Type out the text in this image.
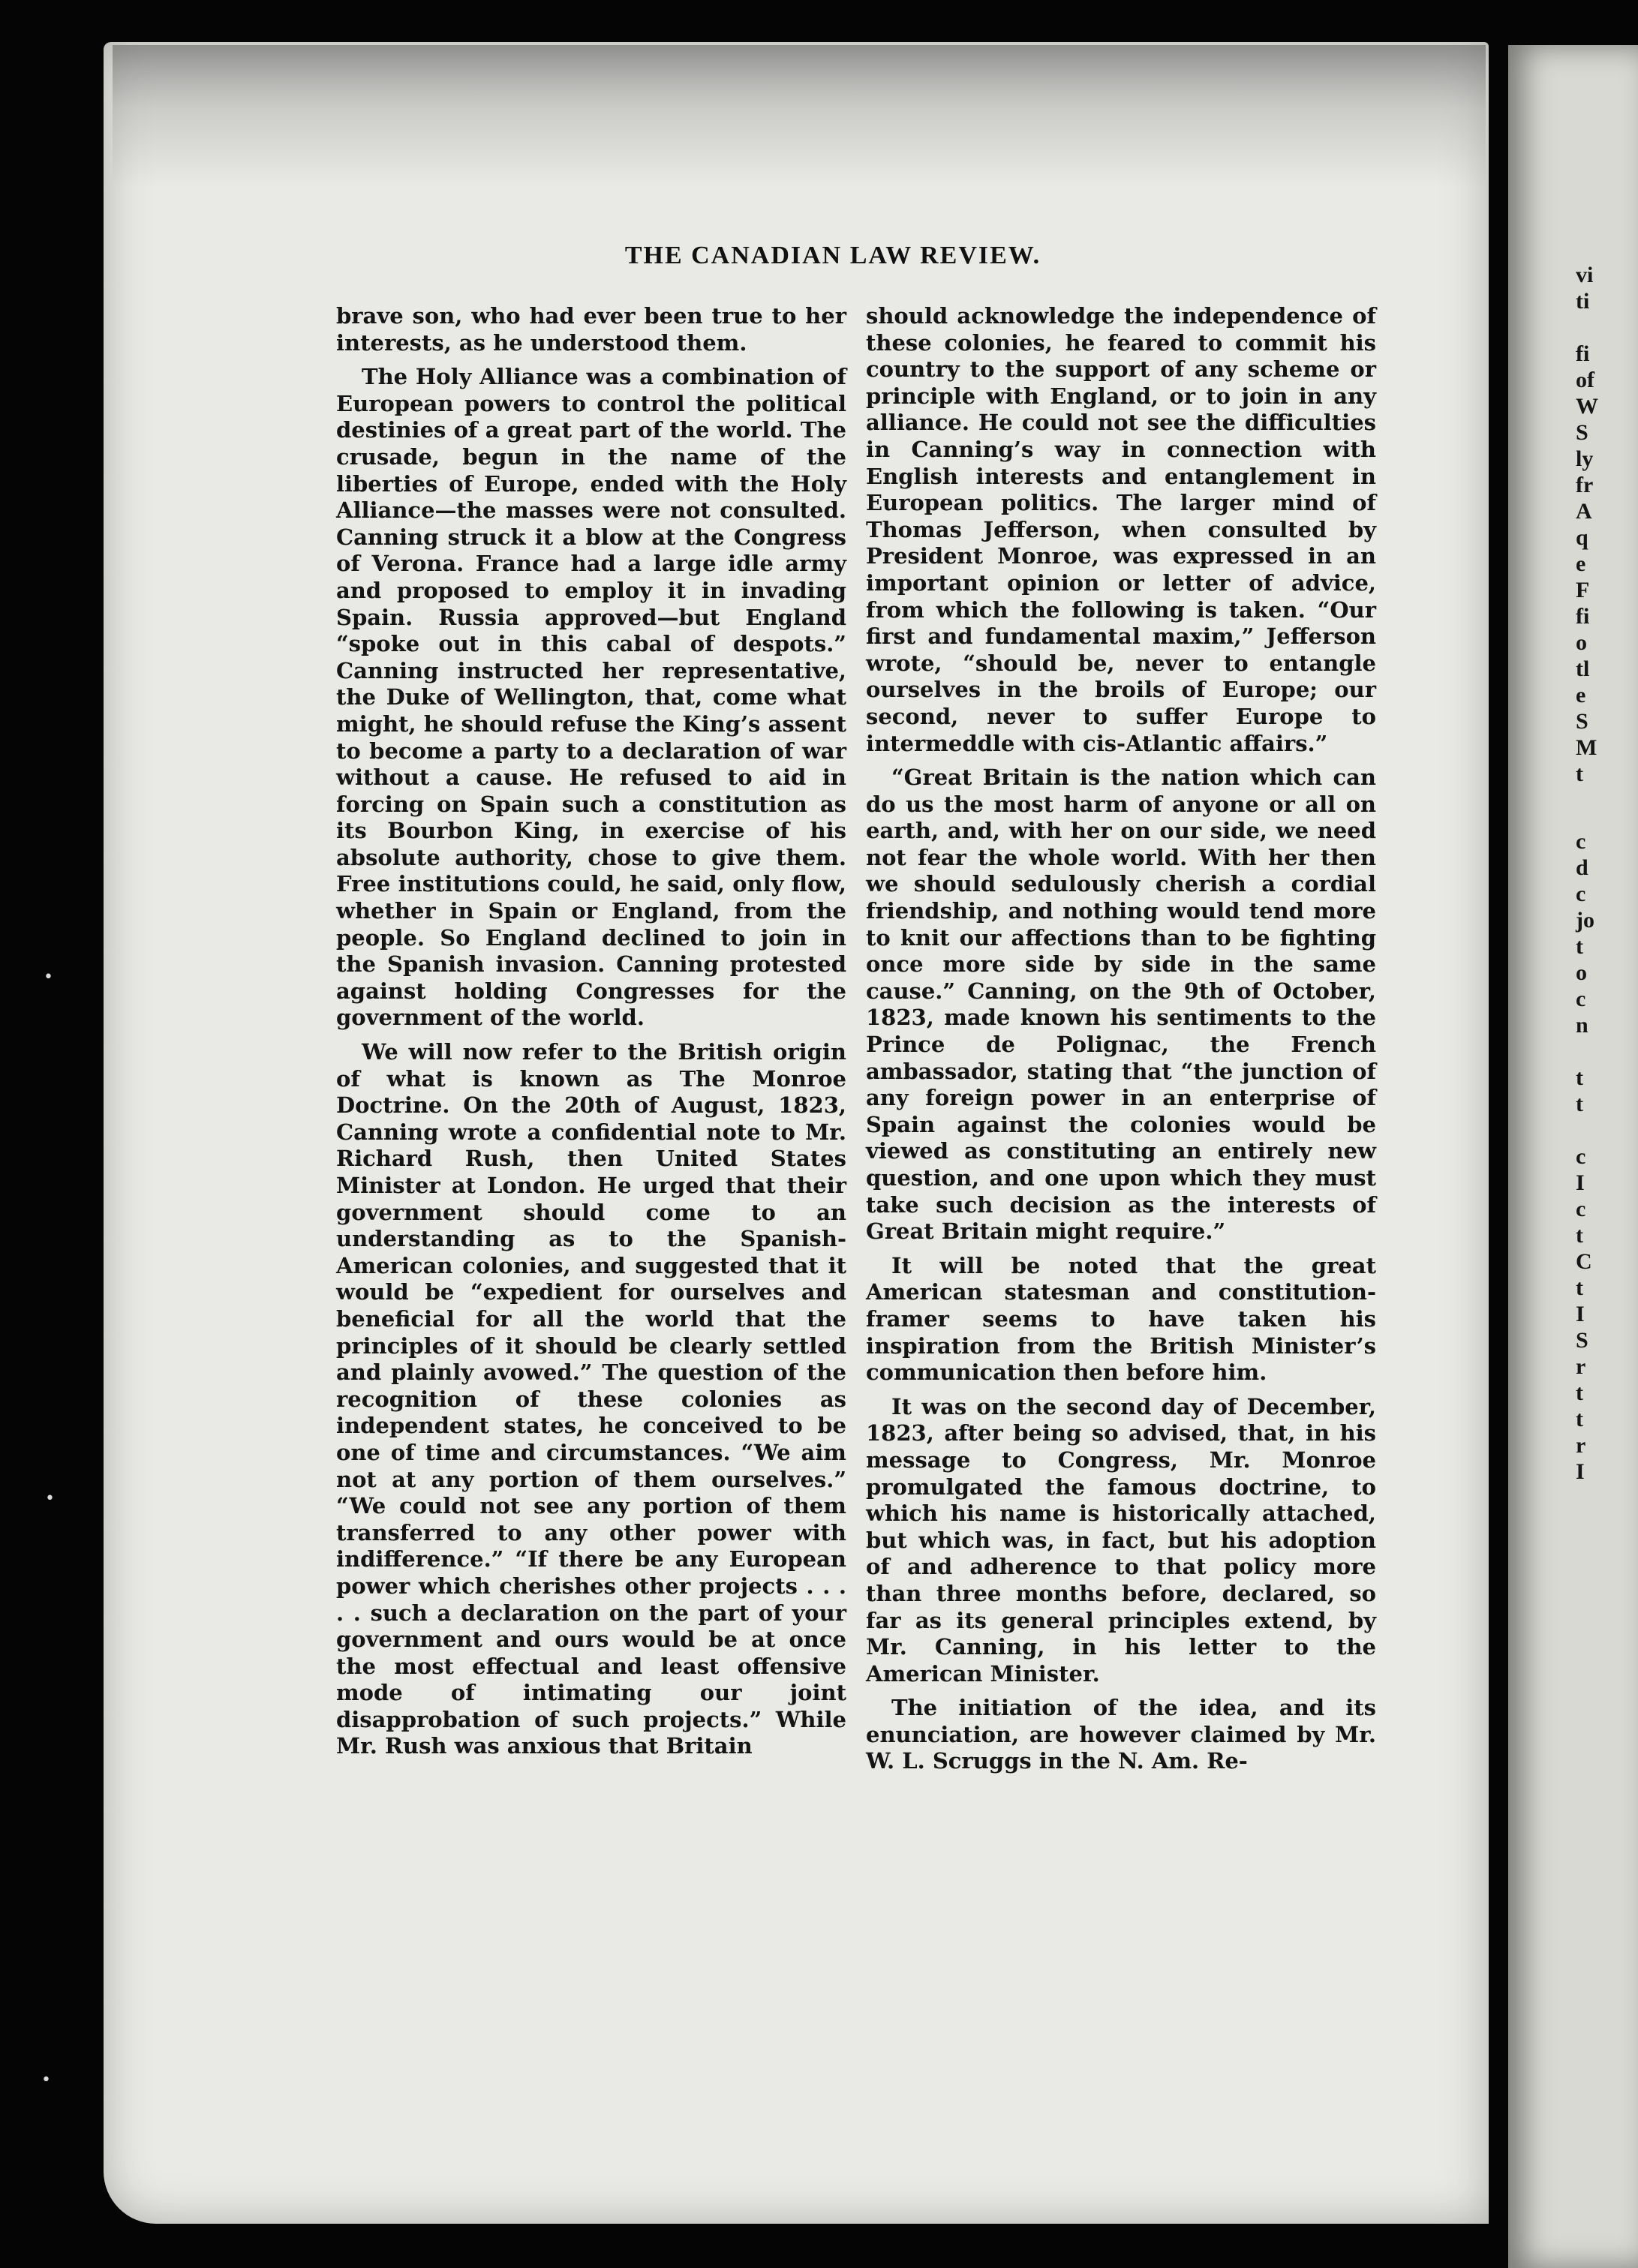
vi
ti
fi
of
W
S
ly
fr
A
q
e
F
fi
o
tl
e
S
M
t
c
d
c
jo
t
o
c
n
t
t
c
I
c
t
C
t
I
S
r
t
t
r
I
•
•
•
THE CANADIAN LAW REVIEW.

brave son, who had ever been true to her interests, as he understood them.

The Holy Alliance was a combination of European powers to control the political destinies of a great part of the world. The crusade, begun in the name of the liberties of Europe, ended with the Holy Alliance—the masses were not consulted. Canning struck it a blow at the Congress of Verona. France had a large idle army and proposed to employ it in invading Spain. Russia approved—but England “spoke out in this cabal of despots.” Canning instructed her representative, the Duke of Wellington, that, come what might, he should refuse the King’s assent to become a party to a declaration of war without a cause. He refused to aid in forcing on Spain such a constitution as its Bourbon King, in exercise of his absolute authority, chose to give them. Free institutions could, he said, only flow, whether in Spain or England, from the people. So England declined to join in the Spanish invasion. Canning protested against holding Congresses for the government of the world.

We will now refer to the British origin of what is known as The Monroe Doctrine. On the 20th of August, 1823, Canning wrote a confidential note to Mr. Richard Rush, then United States Minister at London. He urged that their government should come to an understanding as to the Spanish-American colonies, and suggested that it would be “expedient for ourselves and beneficial for all the world that the principles of it should be clearly settled and plainly avowed.” The question of the recognition of these colonies as independent states, he conceived to be one of time and circumstances. “We aim not at any portion of them ourselves.” “We could not see any portion of them transferred to any other power with indifference.” “If there be any European power which cherishes other projects . . . . . such a declaration on the part of your government and ours would be at once the most effectual and least offensive mode of intimating our joint disapprobation of such projects.” While Mr. Rush was anxious that Britain

should acknowledge the independence of these colonies, he feared to commit his country to the support of any scheme or principle with England, or to join in any alliance. He could not see the difficulties in Canning’s way in connection with English interests and entanglement in European politics. The larger mind of Thomas Jefferson, when consulted by President Monroe, was expressed in an important opinion or letter of advice, from which the following is taken. “Our first and fundamental maxim,” Jefferson wrote, “should be, never to entangle ourselves in the broils of Europe; our second, never to suffer Europe to intermeddle with cis-Atlantic affairs.”

“Great Britain is the nation which can do us the most harm of anyone or all on earth, and, with her on our side, we need not fear the whole world. With her then we should sedulously cherish a cordial friendship, and nothing would tend more to knit our affections than to be fighting once more side by side in the same cause.” Canning, on the 9th of October, 1823, made known his sentiments to the Prince de Polignac, the French ambassador, stating that “the junction of any foreign power in an enterprise of Spain against the colonies would be viewed as constituting an entirely new question, and one upon which they must take such decision as the interests of Great Britain might require.”

It will be noted that the great American statesman and constitution-framer seems to have taken his inspiration from the British Minister’s communication then before him.

It was on the second day of December, 1823, after being so advised, that, in his message to Congress, Mr. Monroe promulgated the famous doctrine, to which his name is historically attached, but which was, in fact, but his adoption of and adherence to that policy more than three months before, declared, so far as its general principles extend, by Mr. Canning, in his letter to the American Minister.

The initiation of the idea, and its enunciation, are however claimed by Mr. W. L. Scruggs in the N. Am. Re-
